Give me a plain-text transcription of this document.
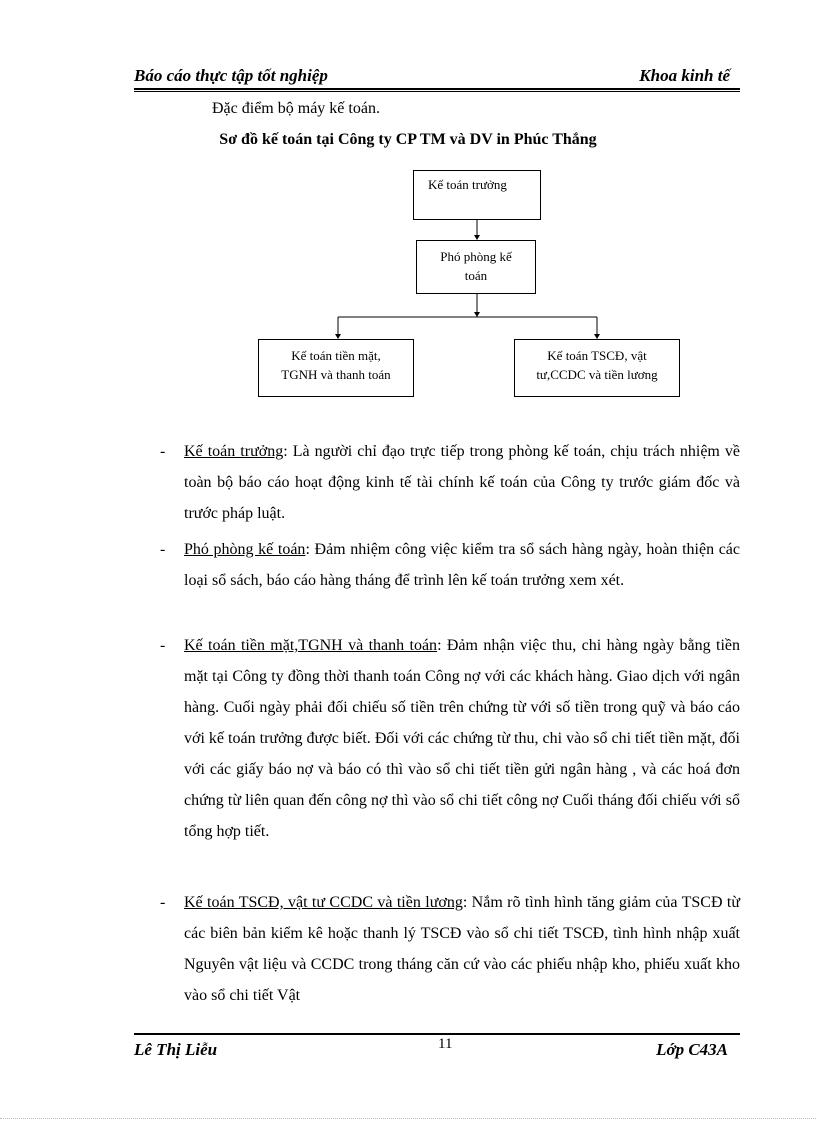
Báo cáo thực tập tốt nghiệp	Khoa kinh tế
Đặc điểm bộ máy kế toán.
Sơ đồ kế toán tại Công ty CP TM và DV in Phúc Thắng
Kế toán trưởng
Phó phòng kế
toán
Kế toán tiền mặt,
TGNH và thanh toán
Kế toán TSCĐ, vật
tư,CCDC và tiền lương
- Kế toán trưởng: Là người chỉ đạo trực tiếp trong phòng kế toán, chịu trách nhiệm về toàn bộ báo cáo hoạt động kinh tế tài chính kế toán của Công ty trước giám đốc và trước pháp luật.
- Phó phòng kế toán: Đảm nhiệm công việc kiểm tra sổ sách hàng ngày, hoàn thiện các loại sổ sách, báo cáo hàng tháng để trình lên kế toán trưởng xem xét.
- Kế toán tiền mặt,TGNH và thanh toán: Đảm nhận việc thu, chi hàng ngày bằng tiền mặt tại Công ty đồng thời thanh toán Công nợ với các khách hàng. Giao dịch với ngân hàng. Cuối ngày phải đối chiếu số tiền trên chứng từ với số tiền trong quỹ và báo cáo với kế toán trưởng được biết. Đối với các chứng từ thu, chi vào sổ chi tiết tiền mặt, đối với các giấy báo nợ và báo có thì vào sổ chi tiết tiền gửi ngân hàng , và các hoá đơn chứng từ liên quan đến công nợ thì vào sổ chi tiết công nợ Cuối tháng đối chiếu với sổ tổng hợp tiết.
- Kế toán TSCĐ, vật tư CCDC và tiền lương: Nắm rõ tình hình tăng giảm của TSCĐ từ các biên bản kiểm kê hoặc thanh lý TSCĐ vào sổ chi tiết TSCĐ, tình hình nhập xuất Nguyên vật liệu và CCDC trong tháng căn cứ vào các phiếu nhập kho, phiếu xuất kho vào sổ chi tiết Vật
Lê Thị Liễu	11	Lớp C43A
